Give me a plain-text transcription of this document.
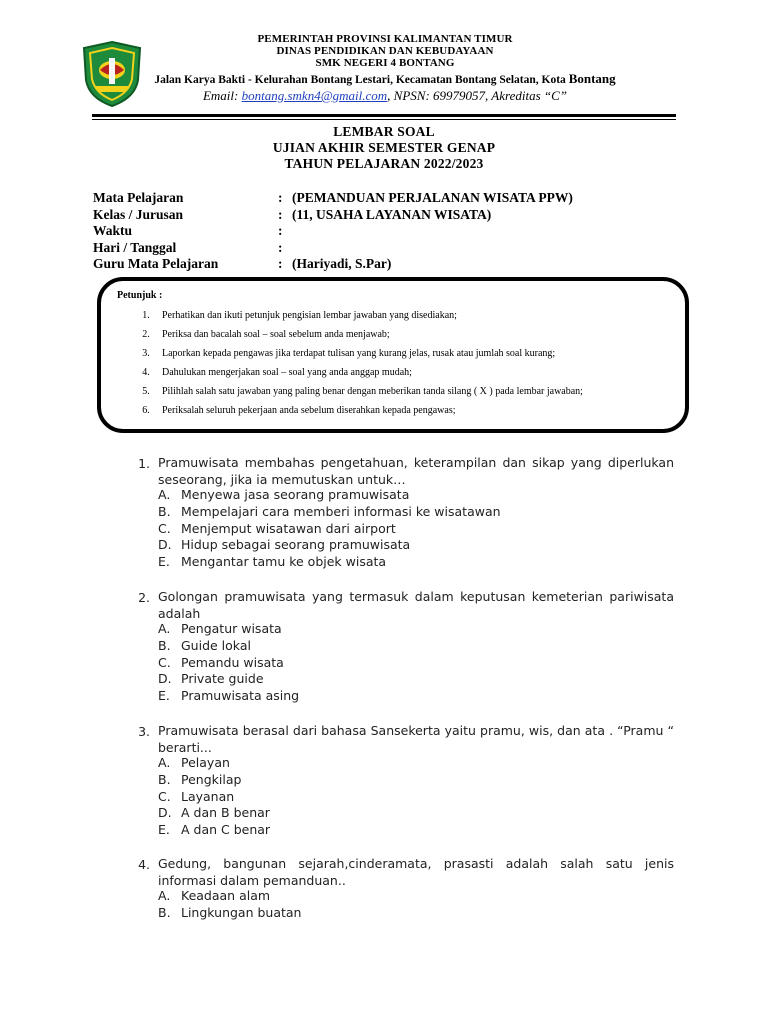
PEMERINTAH PROVINSI KALIMANTAN TIMUR
DINAS PENDIDIKAN DAN KEBUDAYAAN
SMK NEGERI 4 BONTANG
Jalan Karya Bakti - Kelurahan Bontang Lestari, Kecamatan Bontang Selatan, Kota Bontang
Email: bontang.smkn4@gmail.com, NPSN: 69979057, Akreditas “C”
LEMBAR SOAL
UJIAN AKHIR SEMESTER GENAP
TAHUN PELAJARAN 2022/2023
Mata Pelajaran	: (PEMANDUAN PERJALANAN WISATA PPW)
Kelas / Jurusan	: (11, USAHA LAYANAN WISATA)
Waktu	:
Hari / Tanggal	:
Guru Mata Pelajaran	: (Hariyadi, S.Par)
Petunjuk :
1. Perhatikan dan ikuti petunjuk pengisian lembar jawaban yang disediakan;
2. Periksa dan bacalah soal – soal sebelum anda menjawab;
3. Laporkan kepada pengawas jika terdapat tulisan yang kurang jelas, rusak atau jumlah soal kurang;
4. Dahulukan mengerjakan soal – soal yang anda anggap mudah;
5. Pilihlah salah satu jawaban yang paling benar dengan meberikan tanda silang ( X ) pada lembar jawaban;
6. Periksalah seluruh pekerjaan anda sebelum diserahkan kepada pengawas;
1. Pramuwisata membahas pengetahuan, keterampilan dan sikap yang diperlukan seseorang, jika ia memutuskan untuk…
A. Menyewa jasa seorang pramuwisata
B. Mempelajari cara memberi informasi ke wisatawan
C. Menjemput wisatawan dari airport
D. Hidup sebagai seorang pramuwisata
E. Mengantar tamu ke objek wisata
2. Golongan pramuwisata yang termasuk dalam keputusan kemeterian pariwisata adalah
A. Pengatur wisata
B. Guide lokal
C. Pemandu wisata
D. Private guide
E. Pramuwisata asing
3. Pramuwisata berasal dari bahasa Sansekerta yaitu pramu, wis, dan ata . “Pramu “ berarti...
A. Pelayan
B. Pengkilap
C. Layanan
D. A dan B benar
E. A dan C benar
4. Gedung, bangunan sejarah,cinderamata, prasasti adalah salah satu jenis informasi dalam pemanduan..
A. Keadaan alam
B. Lingkungan buatan
